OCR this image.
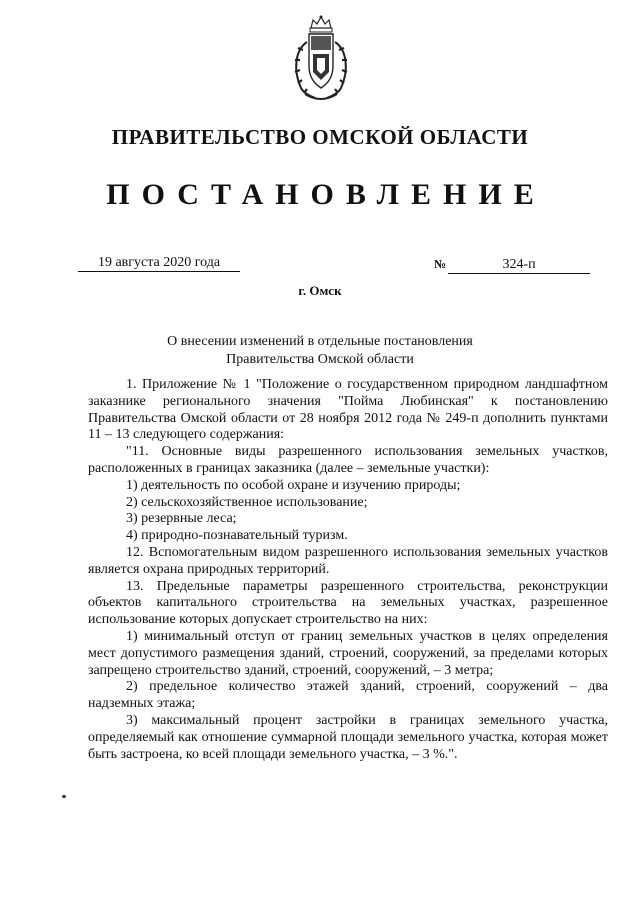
ПРАВИТЕЛЬСТВО ОМСКОЙ ОБЛАСТИ
ПОСТАНОВЛЕНИЕ
19 августа 2020 года	№	324-п
г. Омск
О внесении изменений в отдельные постановления
Правительства Омской области

1. Приложение № 1 "Положение о государственном природном ландшафтном заказнике регионального значения "Пойма Любинская" к постановлению Правительства Омской области от 28 ноября 2012 года № 249-п дополнить пунктами 11 – 13 следующего содержания:

"11. Основные виды разрешенного использования земельных участков, расположенных в границах заказника (далее – земельные участки):

1) деятельность по особой охране и изучению природы;

2) сельскохозяйственное использование;

3) резервные леса;

4) природно-познавательный туризм.

12. Вспомогательным видом разрешенного использования земельных участков является охрана природных территорий.

13. Предельные параметры разрешенного строительства, реконструкции объектов капитального строительства на земельных участках, разрешенное использование которых допускает строительство на них:

1) минимальный отступ от границ земельных участков в целях определения мест допустимого размещения зданий, строений, сооружений, за пределами которых запрещено строительство зданий, строений, сооружений, – 3 метра;

2) предельное количество этажей зданий, строений, сооружений – два надземных этажа;

3) максимальный процент застройки в границах земельного участка, определяемый как отношение суммарной площади земельного участка, которая может быть застроена, ко всей площади земельного участка, – 3 %.".
